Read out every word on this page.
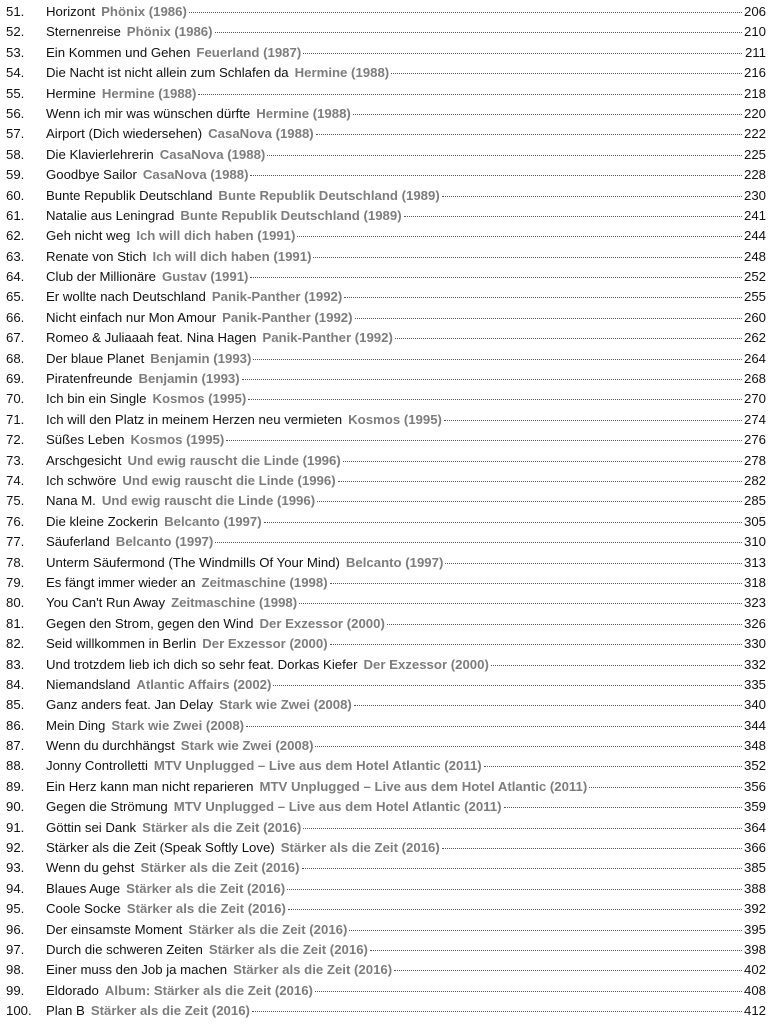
51.	Horizont Phönix (1986)	206
52.	Sternenreise Phönix (1986)	210
53.	Ein Kommen und Gehen Feuerland (1987)	211
54.	Die Nacht ist nicht allein zum Schlafen da Hermine (1988)	216
55.	Hermine Hermine (1988)	218
56.	Wenn ich mir was wünschen dürfte Hermine (1988)	220
57.	Airport (Dich wiedersehen) CasaNova (1988)	222
58.	Die Klavierlehrerin CasaNova (1988)	225
59.	Goodbye Sailor CasaNova (1988)	228
60.	Bunte Republik Deutschland Bunte Republik Deutschland (1989)	230
61.	Natalie aus Leningrad Bunte Republik Deutschland (1989)	241
62.	Geh nicht weg Ich will dich haben (1991)	244
63.	Renate von Stich Ich will dich haben (1991)	248
64.	Club der Millionäre Gustav (1991)	252
65.	Er wollte nach Deutschland Panik-Panther (1992)	255
66.	Nicht einfach nur Mon Amour Panik-Panther (1992)	260
67.	Romeo & Juliaaah feat. Nina Hagen Panik-Panther (1992)	262
68.	Der blaue Planet Benjamin (1993)	264
69.	Piratenfreunde Benjamin (1993)	268
70.	Ich bin ein Single Kosmos (1995)	270
71.	Ich will den Platz in meinem Herzen neu vermieten Kosmos (1995)	274
72.	Süßes Leben Kosmos (1995)	276
73.	Arschgesicht Und ewig rauscht die Linde (1996)	278
74.	Ich schwöre Und ewig rauscht die Linde (1996)	282
75.	Nana M. Und ewig rauscht die Linde (1996)	285
76.	Die kleine Zockerin Belcanto (1997)	305
77.	Säuferland Belcanto (1997)	310
78.	Unterm Säufermond (The Windmills Of Your Mind) Belcanto (1997)	313
79.	Es fängt immer wieder an Zeitmaschine (1998)	318
80.	You Can't Run Away Zeitmaschine (1998)	323
81.	Gegen den Strom, gegen den Wind Der Exzessor (2000)	326
82.	Seid willkommen in Berlin Der Exzessor (2000)	330
83.	Und trotzdem lieb ich dich so sehr feat. Dorkas Kiefer Der Exzessor (2000)	332
84.	Niemandsland Atlantic Affairs (2002)	335
85.	Ganz anders feat. Jan Delay Stark wie Zwei (2008)	340
86.	Mein Ding Stark wie Zwei (2008)	344
87.	Wenn du durchhängst Stark wie Zwei (2008)	348
88.	Jonny Controlletti MTV Unplugged – Live aus dem Hotel Atlantic (2011)	352
89.	Ein Herz kann man nicht reparieren MTV Unplugged – Live aus dem Hotel Atlantic (2011)	356
90.	Gegen die Strömung MTV Unplugged – Live aus dem Hotel Atlantic (2011)	359
91.	Göttin sei Dank Stärker als die Zeit (2016)	364
92.	Stärker als die Zeit (Speak Softly Love) Stärker als die Zeit (2016)	366
93.	Wenn du gehst Stärker als die Zeit (2016)	385
94.	Blaues Auge Stärker als die Zeit (2016)	388
95.	Coole Socke Stärker als die Zeit (2016)	392
96.	Der einsamste Moment Stärker als die Zeit (2016)	395
97.	Durch die schweren Zeiten Stärker als die Zeit (2016)	398
98.	Einer muss den Job ja machen Stärker als die Zeit (2016)	402
99.	Eldorado Album: Stärker als die Zeit (2016)	408
100.	Plan B Stärker als die Zeit (2016)	412
